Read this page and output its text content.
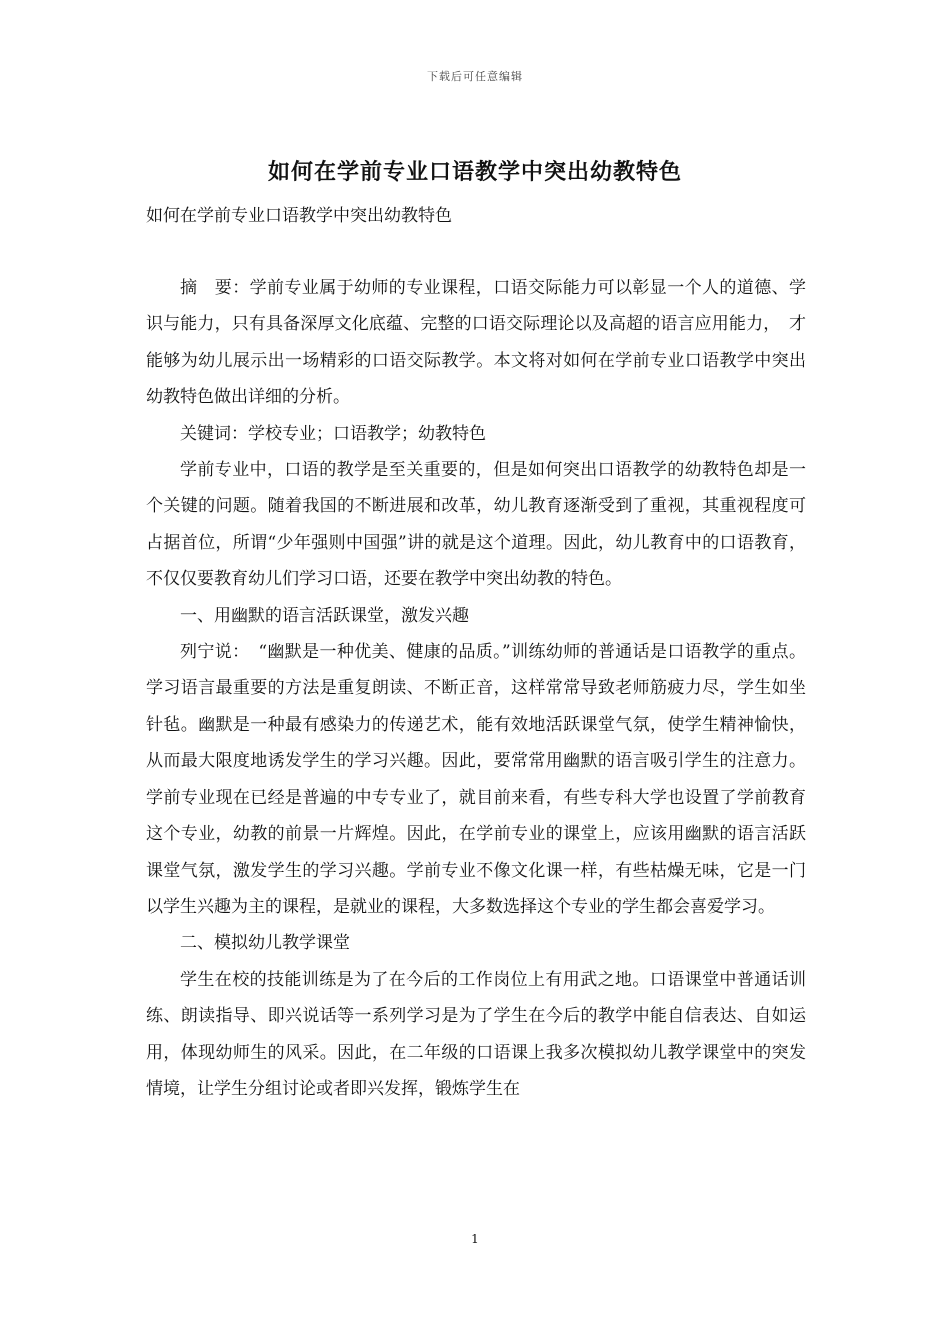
下载后可任意编辑
如何在学前专业口语教学中突出幼教特色
如何在学前专业口语教学中突出幼教特色

摘　要：学前专业属于幼师的专业课程，口语交际能力可以彰显一个人的道德、学识与能力，只有具备深厚文化底蕴、完整的口语交际理论以及高超的语言应用能力，　才能够为幼儿展示出一场精彩的口语交际教学。本文将对如何在学前专业口语教学中突出幼教特色做出详细的分析。

关键词：学校专业；口语教学；幼教特色

学前专业中，口语的教学是至关重要的，但是如何突出口语教学的幼教特色却是一个关键的问题。随着我国的不断进展和改革，幼儿教育逐渐受到了重视，其重视程度可占据首位，所谓“少年强则中国强”讲的就是这个道理。因此，幼儿教育中的口语教育，不仅仅要教育幼儿们学习口语，还要在教学中突出幼教的特色。

一、用幽默的语言活跃课堂，激发兴趣

列宁说：　“幽默是一种优美、健康的品质。”训练幼师的普通话是口语教学的重点。学习语言最重要的方法是重复朗读、不断正音，这样常常导致老师筋疲力尽，学生如坐针毡。幽默是一种最有感染力的传递艺术，能有效地活跃课堂气氛，使学生精神愉快，从而最大限度地诱发学生的学习兴趣。因此，要常常用幽默的语言吸引学生的注意力。学前专业现在已经是普遍的中专专业了，就目前来看，有些专科大学也设置了学前教育这个专业，幼教的前景一片辉煌。因此，在学前专业的课堂上，应该用幽默的语言活跃课堂气氛，激发学生的学习兴趣。学前专业不像文化课一样，有些枯燥无味，它是一门以学生兴趣为主的课程，是就业的课程，大多数选择这个专业的学生都会喜爱学习。

二、模拟幼儿教学课堂

学生在校的技能训练是为了在今后的工作岗位上有用武之地。口语课堂中普通话训练、朗读指导、即兴说话等一系列学习是为了学生在今后的教学中能自信表达、自如运用，体现幼师生的风采。因此，在二年级的口语课上我多次模拟幼儿教学课堂中的突发情境，让学生分组讨论或者即兴发挥，锻炼学生在

1
